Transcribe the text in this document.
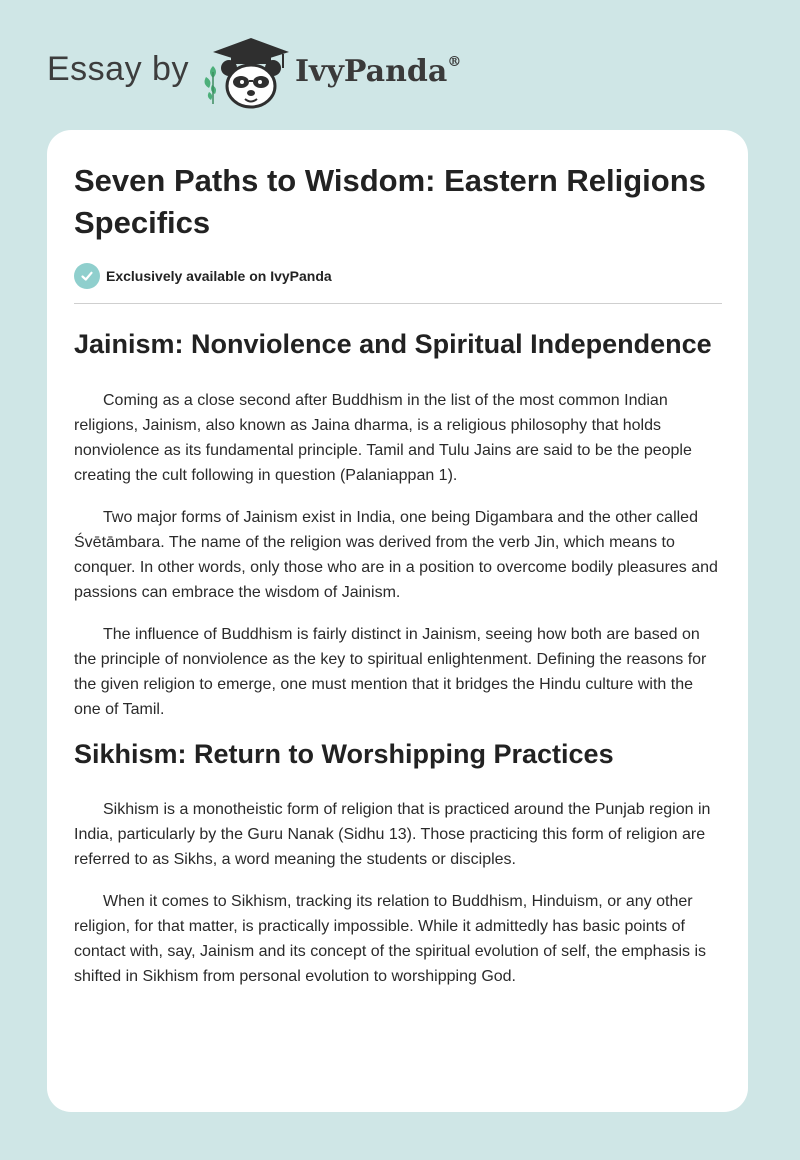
Essay by	IvyPanda®
Seven Paths to Wisdom: Eastern Religions Specifics
Exclusively available on IvyPanda
Jainism: Nonviolence and Spiritual Independence

Coming as a close second after Buddhism in the list of the most common Indian religions, Jainism, also known as Jaina dharma, is a religious philosophy that holds nonviolence as its fundamental principle. Tamil and Tulu Jains are said to be the people creating the cult following in question (Palaniappan 1).

Two major forms of Jainism exist in India, one being Digambara and the other called Śvētāmbara. The name of the religion was derived from the verb Jin, which means to conquer. In other words, only those who are in a position to overcome bodily pleasures and passions can embrace the wisdom of Jainism.

The influence of Buddhism is fairly distinct in Jainism, seeing how both are based on the principle of nonviolence as the key to spiritual enlightenment. Defining the reasons for the given religion to emerge, one must mention that it bridges the Hindu culture with the one of Tamil.

Sikhism: Return to Worshipping Practices

Sikhism is a monotheistic form of religion that is practiced around the Punjab region in India, particularly by the Guru Nanak (Sidhu 13). Those practicing this form of religion are referred to as Sikhs, a word meaning the students or disciples.

When it comes to Sikhism, tracking its relation to Buddhism, Hinduism, or any other religion, for that matter, is practically impossible. While it admittedly has basic points of contact with, say, Jainism and its concept of the spiritual evolution of self, the emphasis is shifted in Sikhism from personal evolution to worshipping God.
